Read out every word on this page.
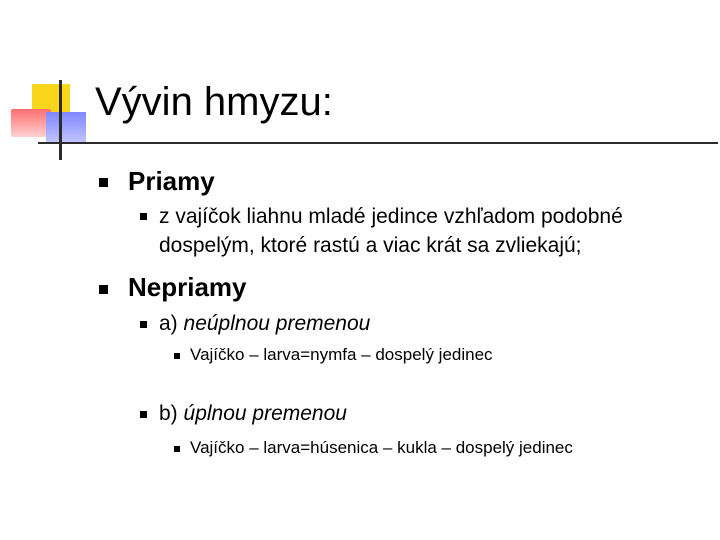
Vývin hmyzu:

Priamy

z vajíčok liahnu mladé jedince vzhľadom podobné

dospelým, ktoré rastú a viac krát sa zvliekajú;

Nepriamy

a) neúplnou premenou

Vajíčko – larva=nymfa – dospelý jedinec

b) úplnou premenou

Vajíčko – larva=húsenica – kukla – dospelý jedinec
